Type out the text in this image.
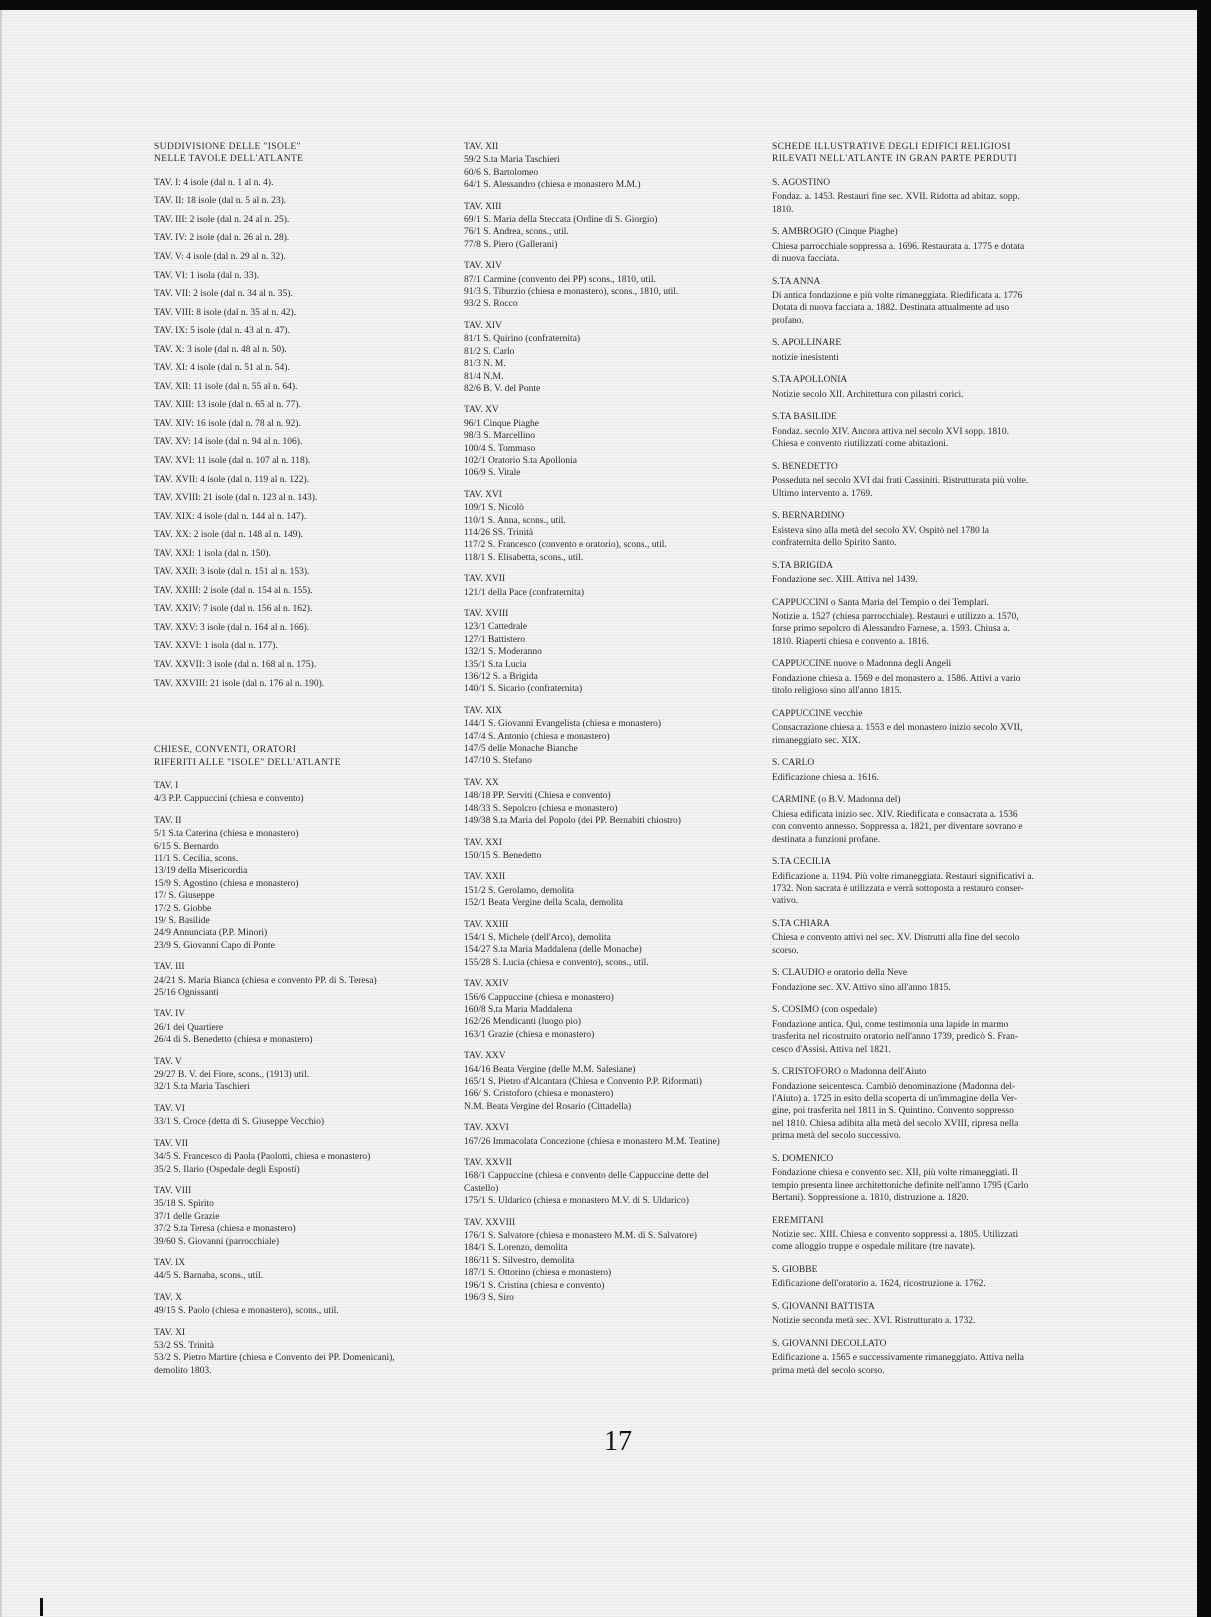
SUDDIVISIONE DELLE "ISOLE"
NELLE TAVOLE DELL'ATLANTE
TAV. I: 4 isole (dal n. 1 al n. 4).
TAV. II: 18 isole (dal n. 5 al n. 23).
TAV. III: 2 isole (dal n. 24 al n. 25).
TAV. IV: 2 isole (dal n. 26 al n. 28).
TAV. V: 4 isole (dal n. 29 al n. 32).
TAV. VI: 1 isola (dal n. 33).
TAV. VII: 2 isole (dal n. 34 al n. 35).
TAV. VIII: 8 isole (dal n. 35 al n. 42).
TAV. IX: 5 isole (dal n. 43 al n. 47).
TAV. X: 3 isole (dal n. 48 al n. 50).
TAV. XI: 4 isole (dal n. 51 al n. 54).
TAV. XII: 11 isole (dal n. 55 al n. 64).
TAV. XIII: 13 isole (dal n. 65 al n. 77).
TAV. XIV: 16 isole (dal n. 78 al n. 92).
TAV. XV: 14 isole (dal n. 94 al n. 106).
TAV. XVI: 11 isole (dal n. 107 al n. 118).
TAV. XVII: 4 isole (dal n. 119 al n. 122).
TAV. XVIII: 21 isole (dal n. 123 al n. 143).
TAV. XIX: 4 isole (dal n. 144 al n. 147).
TAV. XX: 2 isole (dal n. 148 al n. 149).
TAV. XXI: 1 isola (dal n. 150).
TAV. XXII: 3 isole (dal n. 151 al n. 153).
TAV. XXIII: 2 isole (dal n. 154 al n. 155).
TAV. XXIV: 7 isole (dal n. 156 al n. 162).
TAV. XXV: 3 isole (dal n. 164 al n. 166).
TAV. XXVI: 1 isola (dal n. 177).
TAV. XXVII: 3 isole (dal n. 168 al n. 175).
TAV. XXVIII: 21 isole (dal n. 176 al n. 190).
CHIESE, CONVENTI, ORATORI
RIFERITI ALLE "ISOLE" DELL'ATLANTE
TAV. I
4/3 P.P. Cappuccini (chiesa e convento)
TAV. II
5/1 S.ta Caterina (chiesa e monastero)
6/15 S. Bernardo
11/1 S. Cecilia, scons.
13/19 della Misericordia
15/9 S. Agostino (chiesa e monastero)
17/ S. Giuseppe
17/2 S. Giobbe
19/ S. Basilide
24/9 Annunciata (P.P. Minori)
23/9 S. Giovanni Capo di Ponte
TAV. III
24/21 S. Maria Bianca (chiesa e convento PP. di S. Teresa)
25/16 Ognissanti
TAV. IV
26/1 dei Quartiere
26/4 di S. Benedetto (chiesa e monastero)
TAV. V
29/27 B. V. dei Fiore, scons., (1913) util.
32/1 S.ta Maria Taschieri
TAV. VI
33/1 S. Croce (detta di S. Giuseppe Vecchio)
TAV. VII
34/5 S. Francesco di Paola (Paolotti, chiesa e monastero)
35/2 S. Ilario (Ospedale degli Esposti)
TAV. VIII
35/18 S. Spirito
37/1 delle Grazie
37/2 S.ta Teresa (chiesa e monastero)
39/60 S. Giovanni (parrocchiale)
TAV. IX
44/5 S. Barnaba, scons., util.
TAV. X
49/15 S. Paolo (chiesa e monastero), scons., util.
TAV. XI
53/2 SS. Trinità
53/2 S. Pietro Martire (chiesa e Convento dei PP. Domenicani),
demolito 1803.
TAV. XII
59/2 S.ta Maria Taschieri
60/6 S. Bartolomeo
64/1 S. Alessandro (chiesa e monastero M.M.)
TAV. XIII
69/1 S. Maria della Steccata (Ordine di S. Giorgio)
76/1 S. Andrea, scons., util.
77/8 S. Piero (Gallerani)
TAV. XIV
87/1 Carmine (convento dei PP) scons., 1810, util.
91/3 S. Tiburzio (chiesa e monastero), scons., 1810, util.
93/2 S. Rocco
TAV. XIV
81/1 S. Quirino (confraternita)
81/2 S. Carlo
81/3 N. M.
81/4 N.M.
82/6 B. V. del Ponte
TAV. XV
96/1 Cinque Piaghe
98/3 S. Marcellino
100/4 S. Tommaso
102/1 Oratorio S.ta Apollonia
106/9 S. Vitale
TAV. XVI
109/1 S. Nicolò
110/1 S. Anna, scons., util.
114/26 SS. Trinità
117/2 S. Francesco (convento e oratorio), scons., util.
118/1 S. Elisabetta, scons., util.
TAV. XVII
121/1 della Pace (confraternita)
TAV. XVIII
123/1 Cattedrale
127/1 Battistero
132/1 S. Moderanno
135/1 S.ta Lucia
136/12 S. a Brigida
140/1 S. Sicario (confraternita)
TAV. XIX
144/1 S. Giovanni Evangelista (chiesa e monastero)
147/4 S. Antonio (chiesa e monastero)
147/5 delle Monache Bianche
147/10 S. Stefano
TAV. XX
148/18 PP. Serviti (Chiesa e convento)
148/33 S. Sepolcro (chiesa e monastero)
149/38 S.ta Maria del Popolo (dei PP. Bernabiti chiostro)
TAV. XXI
150/15 S. Benedetto
TAV. XXII
151/2 S. Gerolamo, demolita
152/1 Beata Vergine della Scala, demolita
TAV. XXIII
154/1 S. Michele (dell'Arco), demolita
154/27 S.ta Maria Maddalena (delle Monache)
155/28 S. Lucia (chiesa e convento), scons., util.
TAV. XXIV
156/6 Cappuccine (chiesa e monastero)
160/8 S.ta Maria Maddalena
162/26 Mendicanti (luogo pio)
163/1 Grazie (chiesa e monastero)
TAV. XXV
164/16 Beata Vergine (delle M.M. Salesiane)
165/1 S. Pietro d'Alcantara (Chiesa e Convento P.P. Riformati)
166/ S. Cristoforo (chiesa e monastero)
N.M. Beata Vergine del Rosario (Cittadella)
TAV. XXVI
167/26 Immacolata Concezione (chiesa e monastero M.M. Teatine)
TAV. XXVII
168/1 Cappuccine (chiesa e convento delle Cappuccine dette del
Castello)
175/1 S. Uldarico (chiesa e monastero M.V. di S. Uldarico)
TAV. XXVIII
176/1 S. Salvatore (chiesa e monastero M.M. di S. Salvatore)
184/1 S. Lorenzo, demolita
186/11 S. Silvestro, demolita
187/1 S. Ottorino (chiesa e monastero)
196/1 S. Cristina (chiesa e convento)
196/3 S. Siro
SCHEDE ILLUSTRATIVE DEGLI EDIFICI RELIGIOSI
RILEVATI NELL'ATLANTE IN GRAN PARTE PERDUTI
S. AGOSTINO
Fondaz. a. 1453. Restauri fine sec. XVII. Ridotta ad abitaz. sopp.
1810.
S. AMBROGIO (Cinque Piaghe)
Chiesa parrocchiale soppressa a. 1696. Restaurata a. 1775 e dotata
di nuova facciata.
S.TA ANNA
Di antica fondazione e più volte rimaneggiata. Riedificata a. 1776
Dotata di nuova facciata a. 1882. Destinata attualmente ad uso
profano.
S. APOLLINARE
notizie inesistenti
S.TA APOLLONIA
Notizie secolo XII. Architettura con pilastri corici.
S.TA BASILIDE
Fondaz. secolo XIV. Ancora attiva nel secolo XVI sopp. 1810.
Chiesa e convento riutilizzati come abitazioni.
S. BENEDETTO
Posseduta nel secolo XVI dai frati Cassiniti. Ristrutturata più volte.
Ultimo intervento a. 1769.
S. BERNARDINO
Esisteva sino alla metà del secolo XV. Ospitò nel 1780 la
confraternita dello Spirito Santo.
S.TA BRIGIDA
Fondazione sec. XIII. Attiva nel 1439.
CAPPUCCINI o Santa Maria del Tempio o dei Templari.
Notizie a. 1527 (chiesa parrocchiale). Restauri e utilizzo a. 1570,
forse primo sepolcro di Alessandro Farnese, a. 1593. Chiusa a.
1810. Riaperti chiesa e convento a. 1816.
CAPPUCCINE nuove o Madonna degli Angeli
Fondazione chiesa a. 1569 e del monastero a. 1586. Attivi a vario
titolo religioso sino all'anno 1815.
CAPPUCCINE vecchie
Consacrazione chiesa a. 1553 e del monastero inizio secolo XVII,
rimaneggiato sec. XIX.
S. CARLO
Edificazione chiesa a. 1616.
CARMINE (o B.V. Madonna del)
Chiesa edificata inizio sec. XIV. Riedificata e consacrata a. 1536
con convento annesso. Soppressa a. 1821, per diventare sovrano e
destinata a funzioni profane.
S.TA CECILIA
Edificazione a. 1194. Più volte rimaneggiata. Restauri significativi a.
1732. Non sacrata è utilizzata e verrà sottoposta a restauro conser-
vativo.
S.TA CHIARA
Chiesa e convento attivi nel sec. XV. Distrutti alla fine del secolo
scorso.
S. CLAUDIO e oratorio della Neve
Fondazione sec. XV. Attivo sino all'anno 1815.
S. COSIMO (con ospedale)
Fondazione antica. Qui, come testimonia una lapide in marmo
trasferita nel ricostruito oratorio nell'anno 1739, predicò S. Fran-
cesco d'Assisi. Attiva nel 1821.
S. CRISTOFORO o Madonna dell'Aiuto
Fondazione seicentesca. Cambiò denominazione (Madonna del-
l'Aiuto) a. 1725 in esito della scoperta di un'immagine della Ver-
gine, poi trasferita nel 1811 in S. Quintino. Convento soppresso
nel 1810. Chiesa adibita alla metà del secolo XVIII, ripresa nella
prima metà del secolo successivo.
S. DOMENICO
Fondazione chiesa e convento sec. XII, più volte rimaneggiati. Il
tempio presenta linee architettoniche definite nell'anno 1795 (Carlo
Bertani). Soppressione a. 1810, distruzione a. 1820.
EREMITANI
Notizie sec. XIII. Chiesa e convento soppressi a. 1805. Utilizzati
come alloggio truppe e ospedale militare (tre navate).
S. GIOBBE
Edificazione dell'oratorio a. 1624, ricostruzione a. 1762.
S. GIOVANNI BATTISTA
Notizie seconda metà sec. XVI. Ristrutturato a. 1732.
S. GIOVANNI DECOLLATO
Edificazione a. 1565 e successivamente rimaneggiato. Attiva nella
prima metà del secolo scorso.
17
